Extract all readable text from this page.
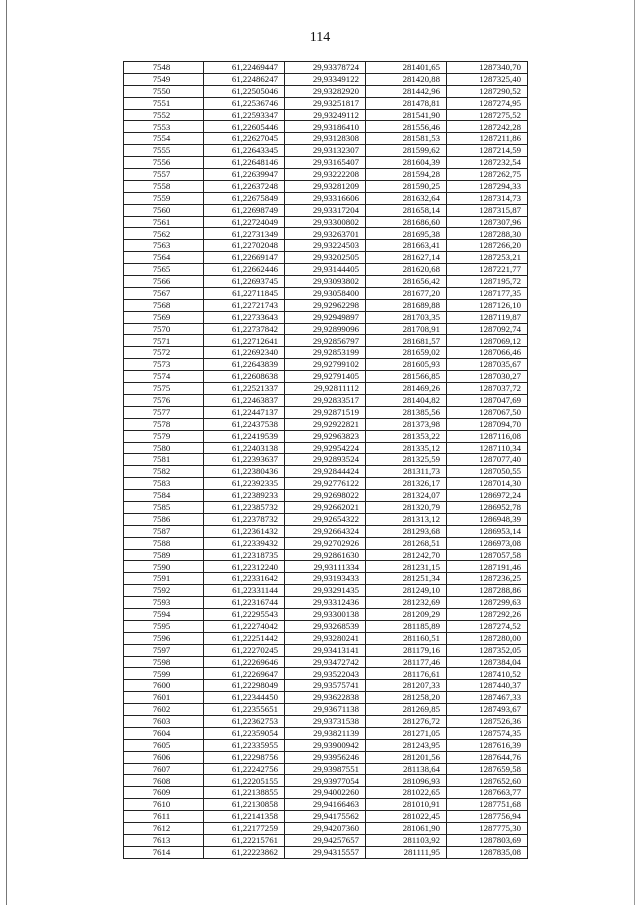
114
7548	61,22469447	29,93378724	281401,65	1287340,70
7549	61,22486247	29,93349122	281420,88	1287325,40
7550	61,22505046	29,93282920	281442,96	1287290,52
7551	61,22536746	29,93251817	281478,81	1287274,95
7552	61,22593347	29,93249112	281541,90	1287275,52
7553	61,22605446	29,93186410	281556,46	1287242,28
7554	61,22627045	29,93128308	281581,53	1287211,86
7555	61,22643345	29,93132307	281599,62	1287214,59
7556	61,22648146	29,93165407	281604,39	1287232,54
7557	61,22639947	29,93222208	281594,28	1287262,75
7558	61,22637248	29,93281209	281590,25	1287294,33
7559	61,22675849	29,93316606	281632,64	1287314,73
7560	61,22698749	29,93317204	281658,14	1287315,87
7561	61,22724049	29,93300802	281686,60	1287307,96
7562	61,22731349	29,93263701	281695,38	1287288,30
7563	61,22702048	29,93224503	281663,41	1287266,20
7564	61,22669147	29,93202505	281627,14	1287253,21
7565	61,22662446	29,93144405	281620,68	1287221,77
7566	61,22693745	29,93093802	281656,42	1287195,72
7567	61,22711845	29,93058400	281677,20	1287177,35
7568	61,22721743	29,92962298	281689,88	1287126,10
7569	61,22733643	29,92949897	281703,35	1287119,87
7570	61,22737842	29,92899096	281708,91	1287092,74
7571	61,22712641	29,92856797	281681,57	1287069,12
7572	61,22692340	29,92853199	281659,02	1287066,46
7573	61,22643839	29,92799102	281605,93	1287035,67
7574	61,22608638	29,92791405	281566,85	1287030,27
7575	61,22521337	29,92811112	281469,26	1287037,72
7576	61,22463837	29,92833517	281404,82	1287047,69
7577	61,22447137	29,92871519	281385,56	1287067,50
7578	61,22437538	29,92922821	281373,98	1287094,70
7579	61,22419539	29,92963823	281353,22	1287116,08
7580	61,22403138	29,92954224	281335,12	1287110,34
7581	61,22393637	29,92893524	281325,59	1287077,40
7582	61,22380436	29,92844424	281311,73	1287050,55
7583	61,22392335	29,92776122	281326,17	1287014,30
7584	61,22389233	29,92698022	281324,07	1286972,24
7585	61,22385732	29,92662021	281320,79	1286952,78
7586	61,22378732	29,92654322	281313,12	1286948,39
7587	61,22361432	29,92664324	281293,68	1286953,14
7588	61,22339432	29,92702926	281268,51	1286973,08
7589	61,22318735	29,92861630	281242,70	1287057,58
7590	61,22312240	29,93111334	281231,15	1287191,46
7591	61,22331642	29,93193433	281251,34	1287236,25
7592	61,22331144	29,93291435	281249,10	1287288,86
7593	61,22316744	29,93312436	281232,69	1287299,63
7594	61,22295543	29,93300138	281209,29	1287292,26
7595	61,22274042	29,93268539	281185,89	1287274,52
7596	61,22251442	29,93280241	281160,51	1287280,00
7597	61,22270245	29,93413141	281179,16	1287352,05
7598	61,22269646	29,93472742	281177,46	1287384,04
7599	61,22269647	29,93522043	281176,61	1287410,52
7600	61,22298049	29,93575741	281207,33	1287440,37
7601	61,22344450	29,93622838	281258,20	1287467,33
7602	61,22355651	29,93671138	281269,85	1287493,67
7603	61,22362753	29,93731538	281276,72	1287526,36
7604	61,22359054	29,93821139	281271,05	1287574,35
7605	61,22335955	29,93900942	281243,95	1287616,39
7606	61,22298756	29,93956246	281201,56	1287644,76
7607	61,22242756	29,93987551	281138,64	1287659,58
7608	61,22205155	29,93977054	281096,93	1287652,60
7609	61,22138855	29,94002260	281022,65	1287663,77
7610	61,22130858	29,94166463	281010,91	1287751,68
7611	61,22141358	29,94175562	281022,45	1287756,94
7612	61,22177259	29,94207360	281061,90	1287775,30
7613	61,22215761	29,94257657	281103,92	1287803,69
7614	61,22223862	29,94315557	281111,95	1287835,08
